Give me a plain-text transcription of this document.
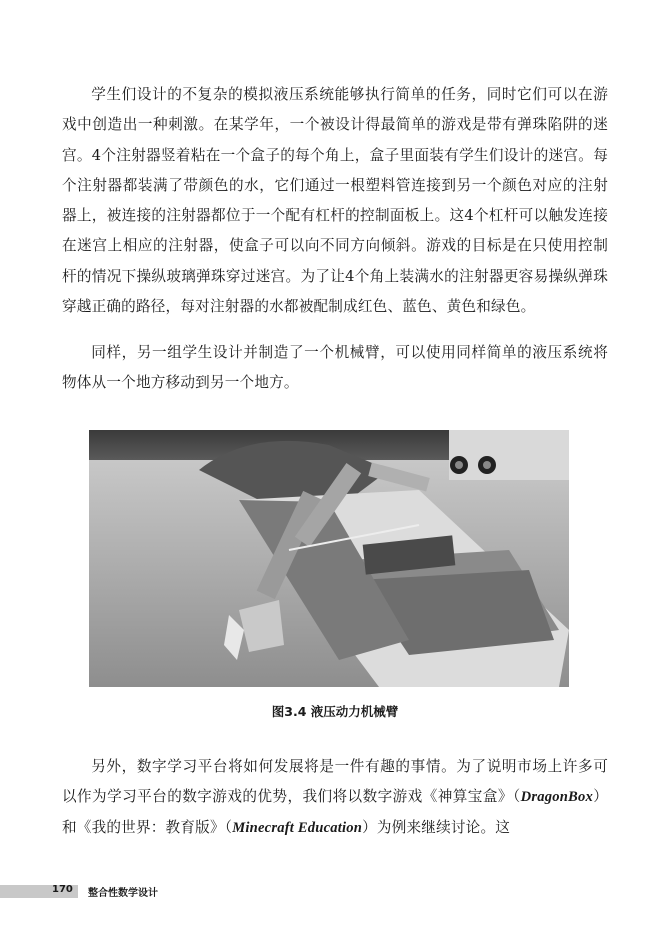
学生们设计的不复杂的模拟液压系统能够执行简单的任务，同时它们可以在游戏中创造出一种刺激。在某学年，一个被设计得最简单的游戏是带有弹珠陷阱的迷宫。4个注射器竖着粘在一个盒子的每个角上，盒子里面装有学生们设计的迷宫。每个注射器都装满了带颜色的水，它们通过一根塑料管连接到另一个颜色对应的注射器上，被连接的注射器都位于一个配有杠杆的控制面板上。这4个杠杆可以触发连接在迷宫上相应的注射器，使盒子可以向不同方向倾斜。游戏的目标是在只使用控制杆的情况下操纵玻璃弹珠穿过迷宫。为了让4个角上装满水的注射器更容易操纵弹珠穿越正确的路径，每对注射器的水都被配制成红色、蓝色、黄色和绿色。

同样，另一组学生设计并制造了一个机械臂，可以使用同样简单的液压系统将物体从一个地方移动到另一个地方。

图3.4 液压动力机械臂

另外，数字学习平台将如何发展将是一件有趣的事情。为了说明市场上许多可以作为学习平台的数字游戏的优势，我们将以数字游戏《神算宝盒》（DragonBox）和《我的世界：教育版》（Minecraft Education）为例来继续讨论。这

170 整合性数学设计
